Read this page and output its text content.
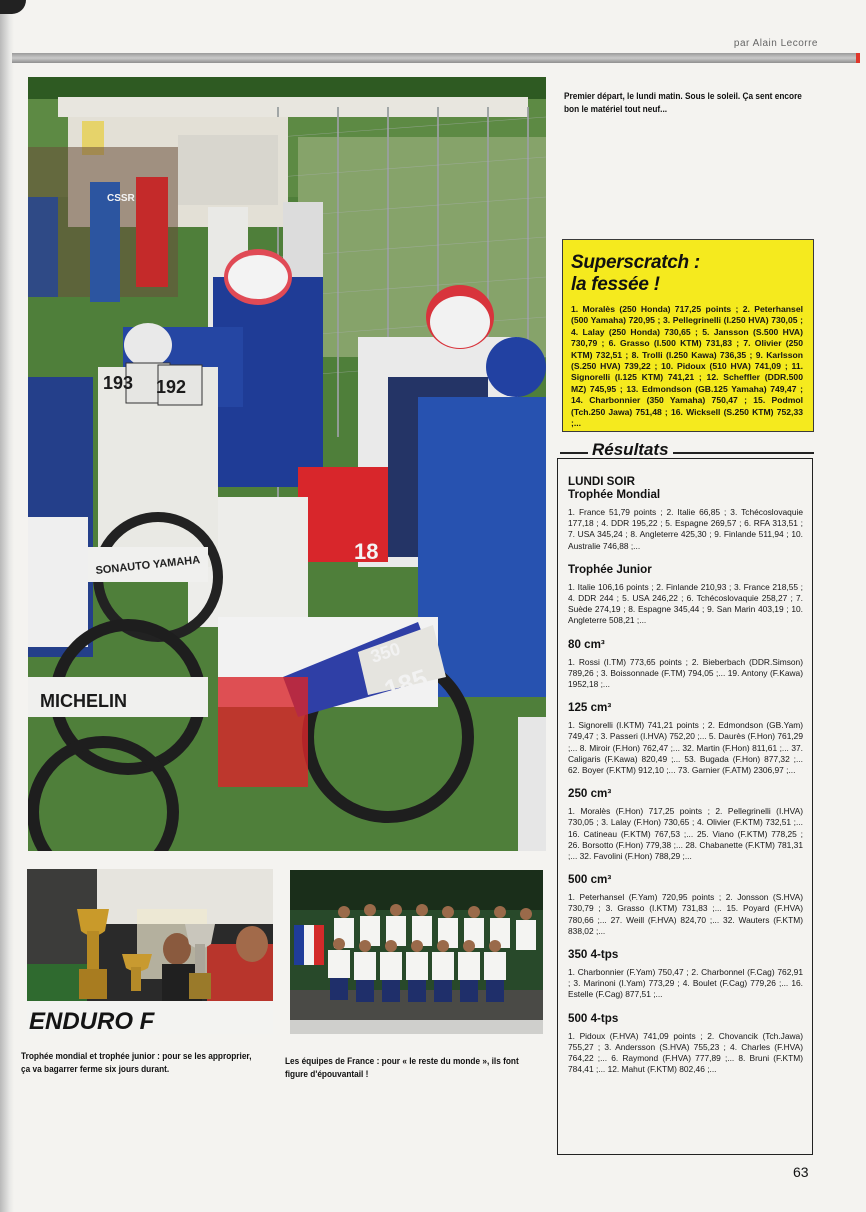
par Alain Lecorre
193 192
18
SONAUTO YAMAHA
MICHELIN
350
185
CSSR
Premier départ, le lundi matin. Sous le soleil. Ça sent encore bon le matériel tout neuf...
Superscratch :
la fessée !
1. Moralès (250 Honda) 717,25 points ; 2. Peterhansel (500 Yamaha) 720,95 ; 3. Pellegrinelli (I.250 HVA) 730,05 ; 4. Lalay (250 Honda) 730,65 ; 5. Jansson (S.500 HVA) 730,79 ; 6. Grasso (I.500 KTM) 731,83 ; 7. Olivier (250 KTM) 732,51 ; 8. Trolli (I.250 Kawa) 736,35 ; 9. Karlsson (S.250 HVA) 739,22 ; 10. Pidoux (510 HVA) 741,09 ; 11. Signorelli (I.125 KTM) 741,21 ; 12. Scheffler (DDR.500 MZ) 745,95 ; 13. Edmondson (GB.125 Yamaha) 749,47 ; 14. Charbonnier (350 Yamaha) 750,47 ; 15. Podmol (Tch.250 Jawa) 751,48 ; 16. Wicksell (S.250 KTM) 752,33 ;...
Résultats
LUNDI SOIR
Trophée Mondial

1. France 51,79 points ; 2. Italie 66,85 ; 3. Tchécoslovaquie 177,18 ; 4. DDR 195,22 ; 5. Espagne 269,57 ; 6. RFA 313,51 ; 7. USA 345,24 ; 8. Angleterre 425,30 ; 9. Finlande 511,94 ; 10. Australie 746,88 ;...

Trophée Junior

1. Italie 106,16 points ; 2. Finlande 210,93 ; 3. France 218,55 ; 4. DDR 244 ; 5. USA 246,22 ; 6. Tchécoslovaquie 258,27 ; 7. Suède 274,19 ; 8. Espagne 345,44 ; 9. San Marin 403,19 ; 10. Angleterre 508,21 ;...

80 cm³

1. Rossi (I.TM) 773,65 points ; 2. Bieberbach (DDR.Simson) 789,26 ; 3. Boissonnade (F.TM) 794,05 ;... 19. Antony (F.Kawa) 1952,18 ;...

125 cm³

1. Signorelli (I.KTM) 741,21 points ; 2. Edmondson (GB.Yam) 749,47 ; 3. Passeri (I.HVA) 752,20 ;... 5. Daurès (F.Hon) 761,29 ;... 8. Miroir (F.Hon) 762,47 ;... 32. Martin (F.Hon) 811,61 ;... 37. Caligaris (F.Kawa) 820,49 ;... 53. Bugada (F.Hon) 877,32 ;... 62. Boyer (F.KTM) 912,10 ;... 73. Garnier (F.ATM) 2306,97 ;...

250 cm³

1. Moralès (F.Hon) 717,25 points ; 2. Pellegrinelli (I.HVA) 730,05 ; 3. Lalay (F.Hon) 730,65 ; 4. Olivier (F.KTM) 732,51 ;... 16. Catineau (F.KTM) 767,53 ;... 25. Viano (F.KTM) 778,25 ; 26. Borsotto (F.Hon) 779,38 ;... 28. Chabanette (F.KTM) 781,31 ;... 32. Favolini (F.Hon) 788,29 ;...

500 cm³

1. Peterhansel (F.Yam) 720,95 points ; 2. Jonsson (S.HVA) 730,79 ; 3. Grasso (I.KTM) 731,83 ;... 15. Poyard (F.HVA) 780,66 ;... 27. Weill (F.HVA) 824,70 ;... 32. Wauters (F.KTM) 838,02 ;...

350 4-tps

1. Charbonnier (F.Yam) 750,47 ; 2. Charbonnel (F.Cag) 762,91 ; 3. Marinoni (I.Yam) 773,29 ; 4. Boulet (F.Cag) 779,26 ;... 16. Estelle (F.Cag) 877,51 ;...

500 4-tps

1. Pidoux (F.HVA) 741,09 points ; 2. Chovancik (Tch.Jawa) 755,27 ; 3. Andersson (S.HVA) 755,23 ; 4. Charles (F.HVA) 764,22 ;... 6. Raymond (F.HVA) 777,89 ;... 8. Bruni (F.KTM) 784,41 ;... 12. Mahut (F.KTM) 802,46 ;...

ENDURO F
Trophée mondial et trophée junior : pour se les approprier, ça va bagarrer ferme six jours durant.
Les équipes de France : pour « le reste du monde », ils font figure d'épouvantail !
63
